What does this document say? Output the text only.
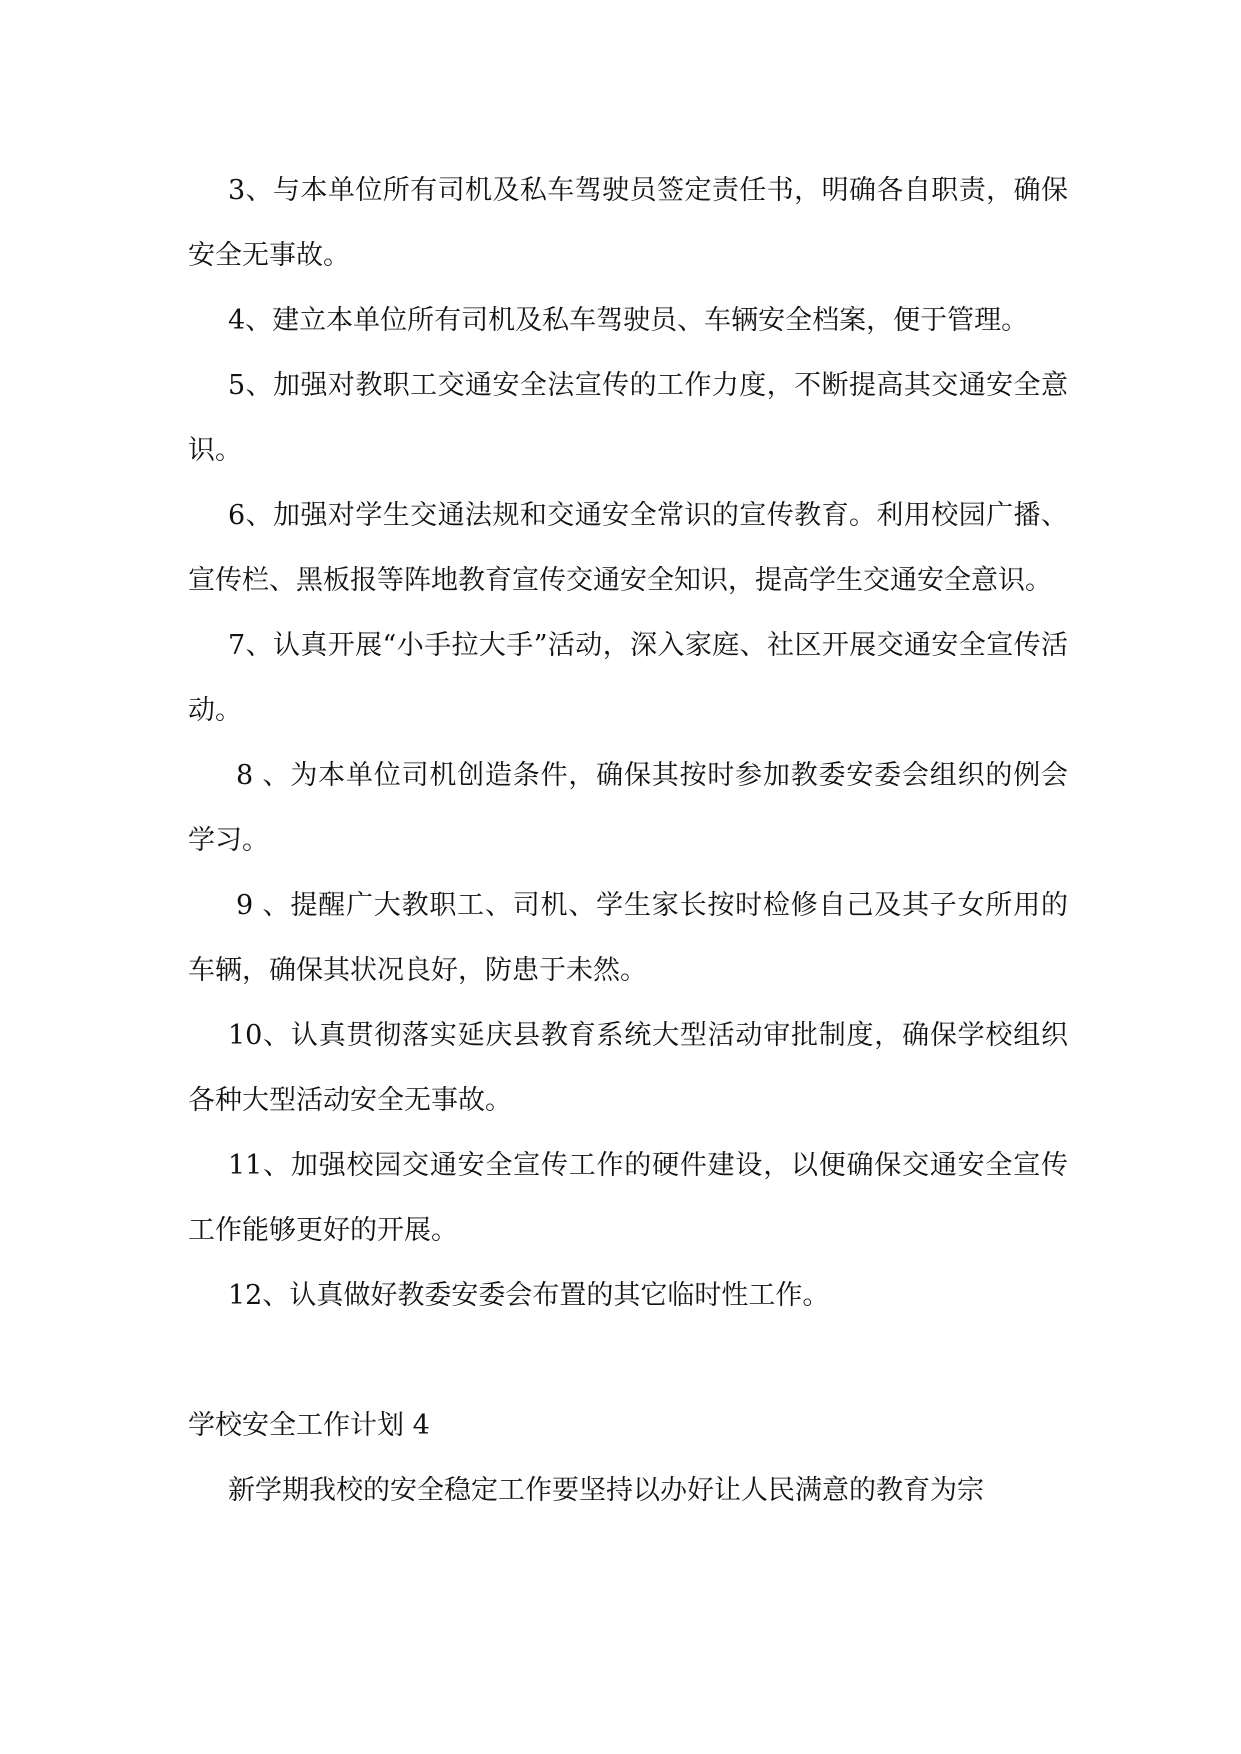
3、与本单位所有司机及私车驾驶员签定责任书，明确各自职责，确保安全无事故。

4、建立本单位所有司机及私车驾驶员、车辆安全档案，便于管理。

5、加强对教职工交通安全法宣传的工作力度，不断提高其交通安全意识。

6、加强对学生交通法规和交通安全常识的宣传教育。利用校园广播、宣传栏、黑板报等阵地教育宣传交通安全知识，提高学生交通安全意识。

7、认真开展“小手拉大手”活动，深入家庭、社区开展交通安全宣传活动。

8 、为本单位司机创造条件，确保其按时参加教委安委会组织的例会学习。

9 、提醒广大教职工、司机、学生家长按时检修自己及其子女所用的车辆，确保其状况良好，防患于未然。

10、认真贯彻落实延庆县教育系统大型活动审批制度，确保学校组织各种大型活动安全无事故。

11、加强校园交通安全宣传工作的硬件建设，以便确保交通安全宣传工作能够更好的开展。

12、认真做好教委安委会布置的其它临时性工作。

学校安全工作计划 4

新学期我校的安全稳定工作要坚持以办好让人民满意的教育为宗
